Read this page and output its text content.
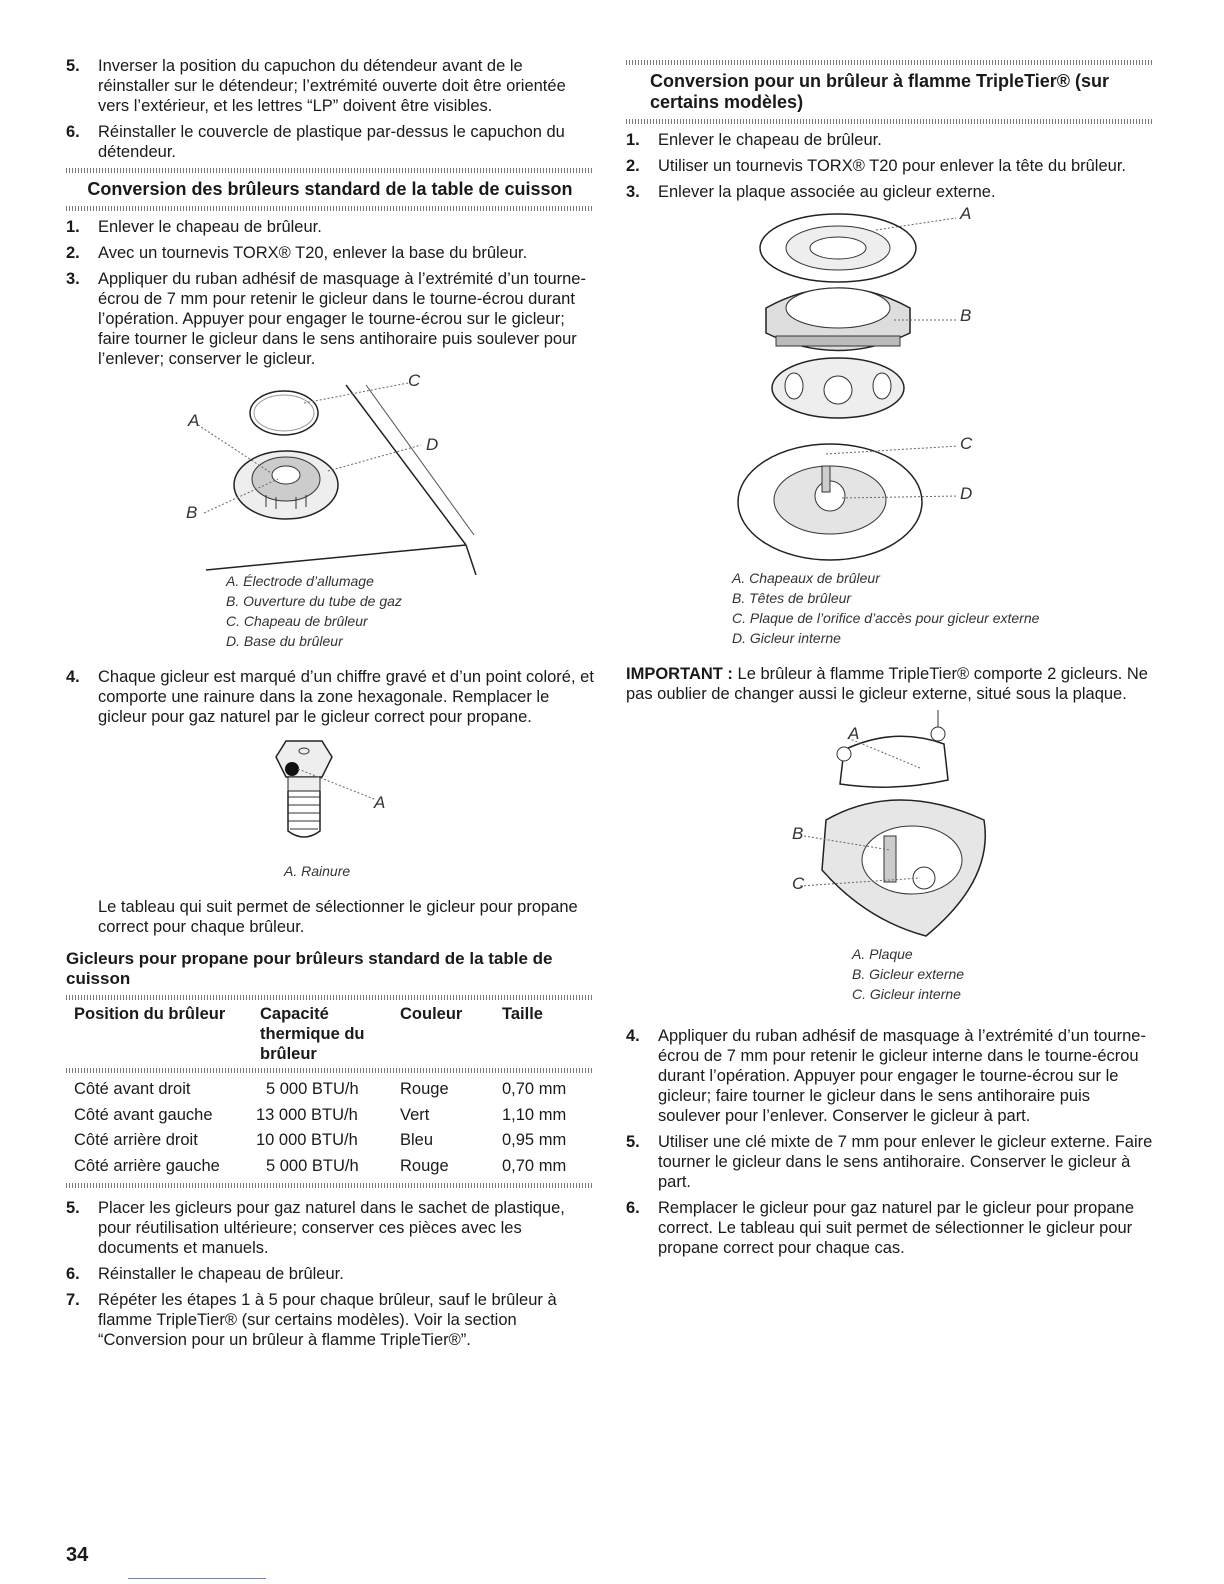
5.	Inverser la position du capuchon du détendeur avant de le réinstaller sur le détendeur; l’extrémité ouverte doit être orientée vers l’extérieur, et les lettres “LP” doivent être visibles.
6.	Réinstaller le couvercle de plastique par-dessus le capuchon du détendeur.
Conversion des brûleurs standard de la table de cuisson
1.	Enlever le chapeau de brûleur.
2.	Avec un tournevis TORX® T20, enlever la base du brûleur.
3.	Appliquer du ruban adhésif de masquage à l’extrémité d’un tourne-écrou de 7 mm pour retenir le gicleur dans le tourne-écrou durant l’opération. Appuyer pour engager le tourne-écrou sur le gicleur; faire tourner le gicleur dans le sens antihoraire puis soulever pour l’enlever; conserver le gicleur.
A
B
C
D
A. Électrode d’allumage
B. Ouverture du tube de gaz
C. Chapeau de brûleur
D. Base du brûleur
4.	Chaque gicleur est marqué d’un chiffre gravé et d’un point coloré, et comporte une rainure dans la zone hexagonale. Remplacer le gicleur pour gaz naturel par le gicleur correct pour propane.
A
A. Rainure
Le tableau qui suit permet de sélectionner le gicleur pour propane correct pour chaque brûleur.
Gicleurs pour propane pour brûleurs standard de la table de cuisson
Position du brûleur	Capacité thermique du brûleur	Couleur	Taille

Côté avant droit	5 000 BTU/h	Rouge	0,70 mm
Côté avant gauche	13 000 BTU/h	Vert	1,10 mm
Côté arrière droit	10 000 BTU/h	Bleu	0,95 mm
Côté arrière gauche	5 000 BTU/h	Rouge	0,70 mm
5.	Placer les gicleurs pour gaz naturel dans le sachet de plastique, pour réutilisation ultérieure; conserver ces pièces avec les documents et manuels.
6.	Réinstaller le chapeau de brûleur.
7.	Répéter les étapes 1 à 5 pour chaque brûleur, sauf le brûleur à flamme TripleTier® (sur certains modèles). Voir la section “Conversion pour un brûleur à flamme TripleTier®”.
Conversion pour un brûleur à flamme TripleTier® (sur certains modèles)
1.	Enlever le chapeau de brûleur.
2.	Utiliser un tournevis TORX® T20 pour enlever la tête du brûleur.
3.	Enlever la plaque associée au gicleur externe.
A
B
C
D
A. Chapeaux de brûleur
B. Têtes de brûleur
C. Plaque de l’orifice d’accès pour gicleur externe
D. Gicleur interne
IMPORTANT : Le brûleur à flamme TripleTier® comporte 2 gicleurs. Ne pas oublier de changer aussi le gicleur externe, situé sous la plaque.
A
B
C
A. Plaque
B. Gicleur externe
C. Gicleur interne
4.	Appliquer du ruban adhésif de masquage à l’extrémité d’un tourne-écrou de 7 mm pour retenir le gicleur interne dans le tourne-écrou durant l’opération. Appuyer pour engager le tourne-écrou sur le gicleur; faire tourner le gicleur dans le sens antihoraire puis soulever pour l’enlever. Conserver le gicleur à part.
5.	Utiliser une clé mixte de 7 mm pour enlever le gicleur externe. Faire tourner le gicleur dans le sens antihoraire. Conserver le gicleur à part.
6.	Remplacer le gicleur pour gaz naturel par le gicleur pour propane correct. Le tableau qui suit permet de sélectionner le gicleur pour propane correct pour chaque cas.
34
